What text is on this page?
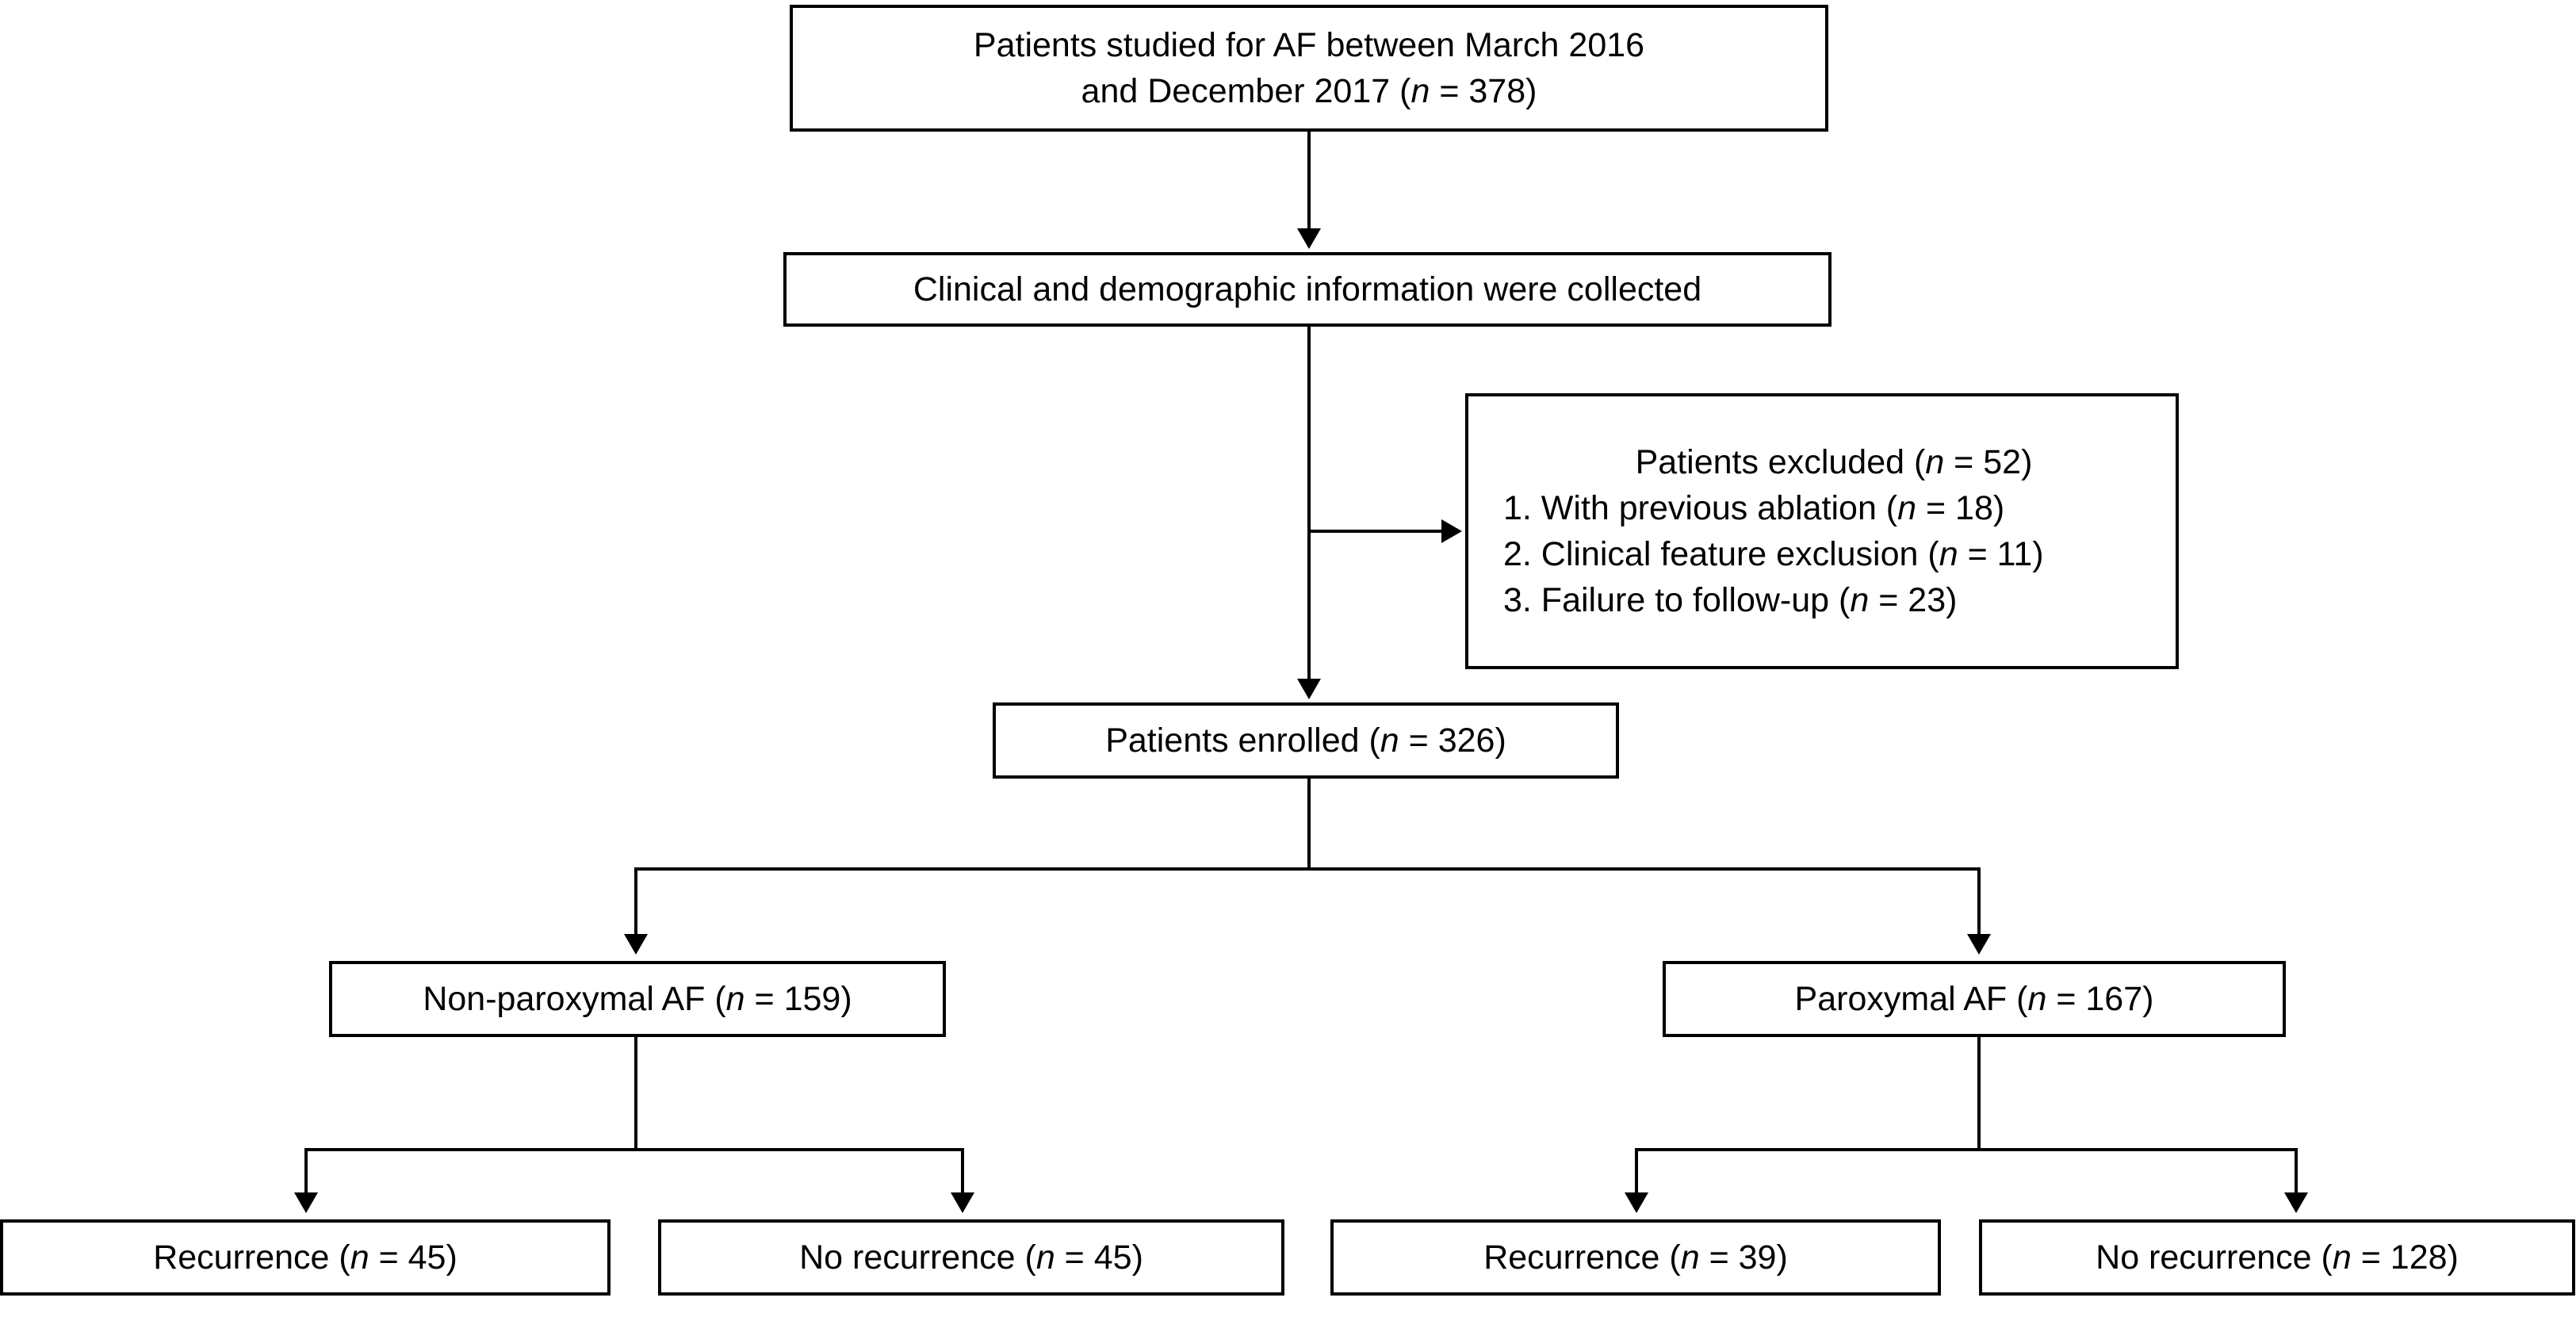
Patients studied for AF between March 2016
and December 2017 (n = 378)
Clinical and demographic information were collected
Patients excluded (n = 52)
1. With previous ablation (n = 18)
2. Clinical feature exclusion (n = 11)
3. Failure to follow-up (n = 23)
Patients enrolled (n = 326)
Non-paroxymal AF (n = 159)	Paroxymal AF (n = 167)
Recurrence (n = 45)	No recurrence (n = 45)	Recurrence (n = 39)	No recurrence (n = 128)
